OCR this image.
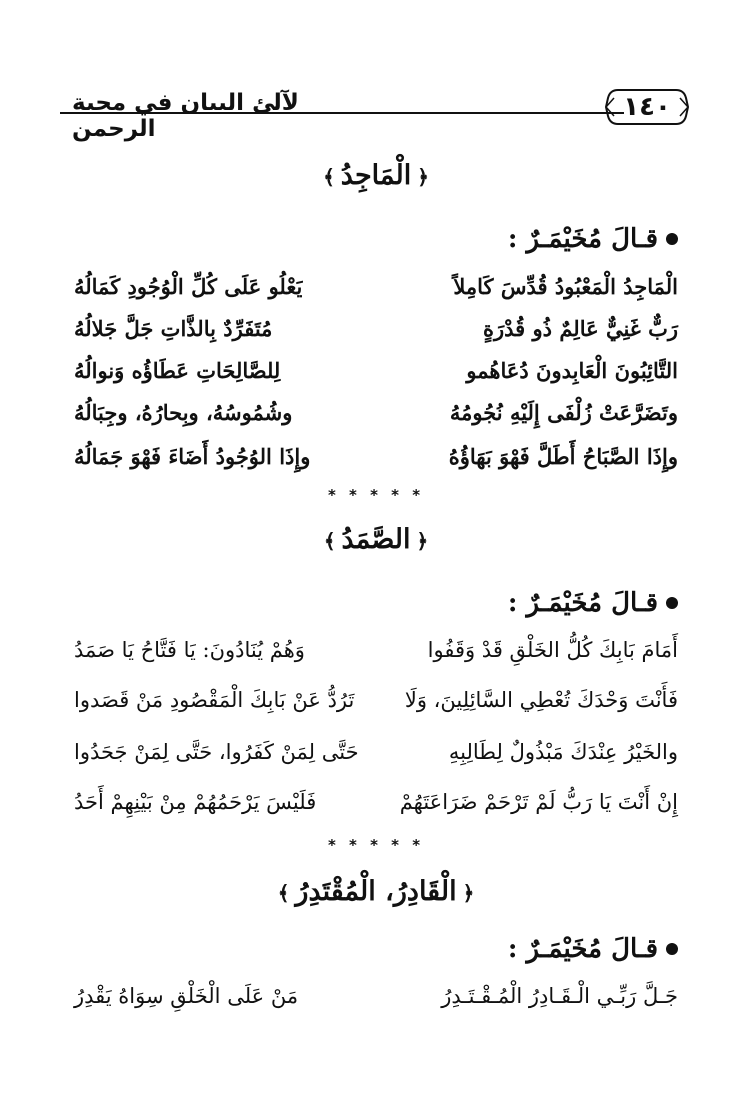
١٤٠
لآلئ البيان في محبة الرحمن
﴿الْمَاجِدُ﴾
قـالَ مُخَيْمَـرٌ :
الْمَاجِدُ الْمَعْبُودُ قُدِّسَ كَامِلاً
يَعْلُو عَلَى كُلِّ الْوُجُودِ كَمَالُهُ
رَبٌّ غَنِيٌّ عَالِمٌ ذُو قُدْرَةٍ
مُتَفَرِّدٌ بِالذَّاتِ جَلَّ جَلالُهُ
التَّائِبُونَ الْعَابِدونَ دُعَاهُمو
لِلصَّالِحَاتِ عَطَاؤُه وَنوالُهُ
وتَضَرَّعَتْ زُلْفَى إِلَيْهِ نُجُومُهُ
وشُمُوسُهُ، وبِحارُهُ، وجِبَالُهُ
وإِذَا الصَّبَاحُ أَطَلَّ فَهْوَ بَهَاؤُهُ
وإِذَا الوُجُودُ أَضَاءَ فَهْوَ جَمَالُهُ
* * * * *
﴿الصَّمَدُ﴾
قـالَ مُخَيْمَـرٌ :
أَمَامَ بَابِكَ كُلُّ الخَلْقِ قَدْ وَقَفُوا
وَهُمْ يُنَادُونَ: يَا فَتَّاحُ يَا صَمَدُ
فَأَنْتَ وَحْدَكَ تُعْطِي السَّائِلِينَ، وَلَا
تَرُدُّ عَنْ بَابِكَ الْمَقْصُودِ مَنْ قَصَدوا
والخَيْرُ عِنْدَكَ مَبْذُولٌ لِطَالِبِهِ
حَتَّى لِمَنْ كَفَرُوا، حَتَّى لِمَنْ جَحَدُوا
إِنْ أَنْتَ يَا رَبُّ لَمْ تَرْحَمْ ضَرَاعَتَهُمْ
فَلَيْسَ يَرْحَمُهُمْ مِنْ بَيْنِهِمْ أَحَدُ
* * * * *
﴿الْقَادِرُ، الْمُقْتَدِرُ﴾
قـالَ مُخَيْمَـرٌ :
جَـلَّ رَبِّـي الْـقَـادِرُ الْمُـقْـتَـدِرُ
مَنْ عَلَى الْخَلْقِ سِوَاهُ يَقْدِرُ
